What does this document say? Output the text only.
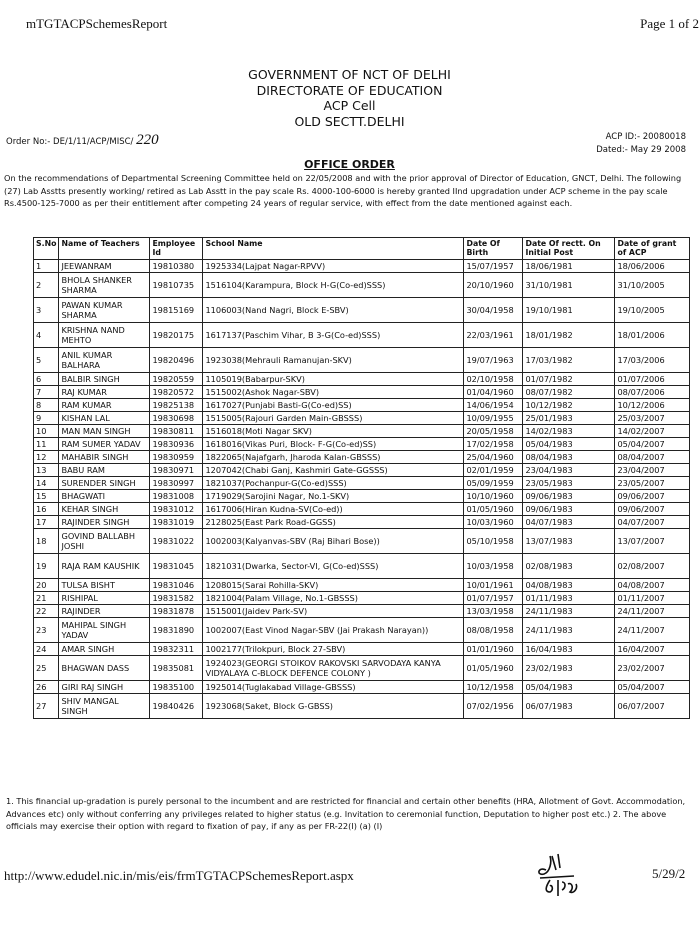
mTGTACPSchemesReport	Page 1 of 2
GOVERNMENT OF NCT OF DELHI
DIRECTORATE OF EDUCATION
ACP Cell
OLD SECTT.DELHI
Order No:- DE/1/11/ACP/MISC/ 220	ACP ID:- 20080018
Dated:- May 29 2008
OFFICE ORDER
On the recommendations of Departmental Screening Committee held on 22/05/2008 and with the prior approval of Director of Education, GNCT, Delhi. The following (27) Lab Asstts presently working/ retired as Lab Asstt in the pay scale Rs. 4000-100-6000 is hereby granted IInd upgradation under ACP scheme in the pay scale Rs.4500-125-7000 as per their entitlement after competing 24 years of regular service, with effect from the date mentioned against each.
S.No	Name of Teachers	Employee Id	School Name	Date Of Birth	Date Of rectt. On Initial Post	Date of grant of ACP
1	JEEWANRAM	19810380	1925334(Lajpat Nagar-RPVV)	15/07/1957	18/06/1981	18/06/2006
2	BHOLA SHANKER SHARMA	19810735	1516104(Karampura, Block H-G(Co-ed)SSS)	20/10/1960	31/10/1981	31/10/2005
3	PAWAN KUMAR SHARMA	19815169	1106003(Nand Nagri, Block E-SBV)	30/04/1958	19/10/1981	19/10/2005
4	KRISHNA NAND MEHTO	19820175	1617137(Paschim Vihar, B 3-G(Co-ed)SSS)	22/03/1961	18/01/1982	18/01/2006
5	ANIL KUMAR BALHARA	19820496	1923038(Mehrauli Ramanujan-SKV)	19/07/1963	17/03/1982	17/03/2006
6	BALBIR SINGH	19820559	1105019(Babarpur-SKV)	02/10/1958	01/07/1982	01/07/2006
7	RAJ KUMAR	19820572	1515002(Ashok Nagar-SBV)	01/04/1960	08/07/1982	08/07/2006
8	RAM KUMAR	19825138	1617027(Punjabi Basti-G(Co-ed)SS)	14/06/1954	10/12/1982	10/12/2006
9	KISHAN LAL	19830698	1515005(Rajouri Garden Main-GBSSS)	10/09/1955	25/01/1983	25/03/2007
10	MAN MAN SINGH	19830811	1516018(Moti Nagar SKV)	20/05/1958	14/02/1983	14/02/2007
11	RAM SUMER YADAV	19830936	1618016(Vikas Puri, Block- F-G(Co-ed)SS)	17/02/1958	05/04/1983	05/04/2007
12	MAHABIR SINGH	19830959	1822065(Najafgarh, Jharoda Kalan-GBSSS)	25/04/1960	08/04/1983	08/04/2007
13	BABU RAM	19830971	1207042(Chabi Ganj, Kashmiri Gate-GGSSS)	02/01/1959	23/04/1983	23/04/2007
14	SURENDER SINGH	19830997	1821037(Pochanpur-G(Co-ed)SSS)	05/09/1959	23/05/1983	23/05/2007
15	BHAGWATI	19831008	1719029(Sarojini Nagar, No.1-SKV)	10/10/1960	09/06/1983	09/06/2007
16	KEHAR SINGH	19831012	1617006(Hiran Kudna-SV(Co-ed))	01/05/1960	09/06/1983	09/06/2007
17	RAJINDER SINGH	19831019	2128025(East Park Road-GGSS)	10/03/1960	04/07/1983	04/07/2007
18	GOVIND BALLABH JOSHI	19831022	1002003(Kalyanvas-SBV (Raj Bihari Bose))	05/10/1958	13/07/1983	13/07/2007
19	RAJA RAM KAUSHIK	19831045	1821031(Dwarka, Sector-VI, G(Co-ed)SSS)	10/03/1958	02/08/1983	02/08/2007
20	TULSA BISHT	19831046	1208015(Sarai Rohilla-SKV)	10/01/1961	04/08/1983	04/08/2007
21	RISHIPAL	19831582	1821004(Palam Village, No.1-GBSSS)	01/07/1957	01/11/1983	01/11/2007
22	RAJINDER	19831878	1515001(Jaidev Park-SV)	13/03/1958	24/11/1983	24/11/2007
23	MAHIPAL SINGH YADAV	19831890	1002007(East Vinod Nagar-SBV (Jai Prakash Narayan))	08/08/1958	24/11/1983	24/11/2007
24	AMAR SINGH	19832311	1002177(Trilokpuri, Block 27-SBV)	01/01/1960	16/04/1983	16/04/2007
25	BHAGWAN DASS	19835081	1924023(GEORGI STOIKOV RAKOVSKI SARVODAYA KANYA VIDYALAYA C-BLOCK DEFENCE COLONY )	01/05/1960	23/02/1983	23/02/2007
26	GIRI RAJ SINGH	19835100	1925014(Tuglakabad Village-GBSSS)	10/12/1958	05/04/1983	05/04/2007
27	SHIV MANGAL SINGH	19840426	1923068(Saket, Block G-GBSS)	07/02/1956	06/07/1983	06/07/2007
1. This financial up-gradation is purely personal to the incumbent and are restricted for financial and certain other benefits (HRA, Allotment of Govt. Accommodation, Advances etc) only without conferring any privileges related to higher status (e.g. Invitation to ceremonial function, Deputation to higher post etc.) 2. The above officials may exercise their option with regard to fixation of pay, if any as per FR-22(I) (a) (I)
http://www.edudel.nic.in/mis/eis/frmTGTACPSchemesReport.aspx	5/29/2
